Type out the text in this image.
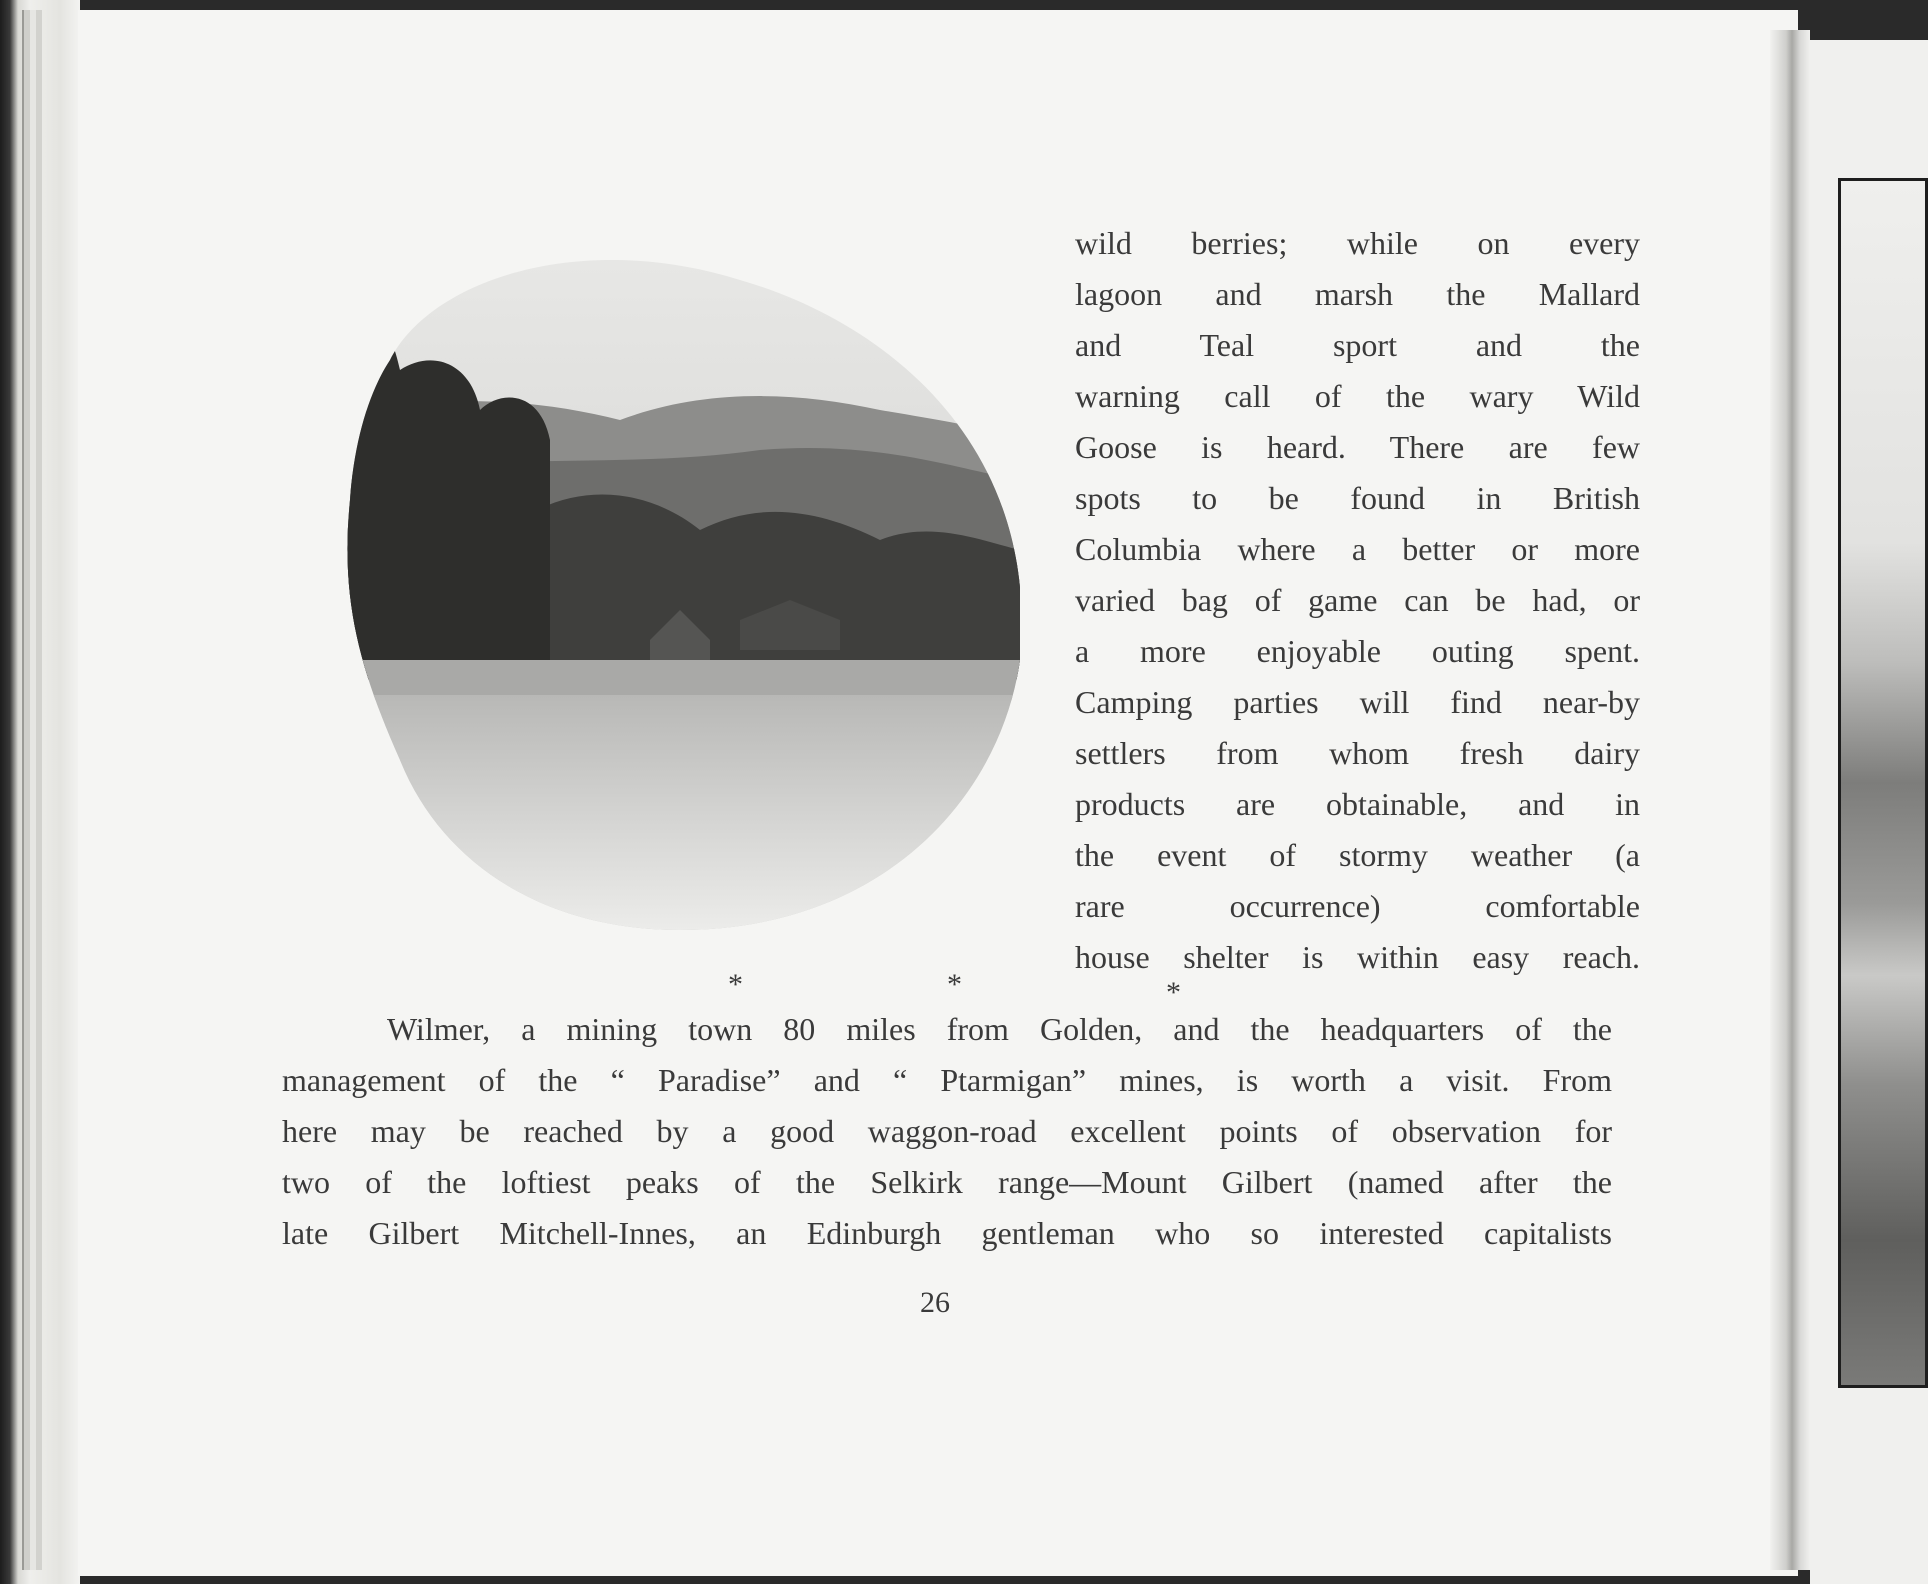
wild berries; while on every
lagoon and marsh the Mallard
and Teal sport and the
warning call of the wary Wild
Goose is heard. There are few
spots to be found in British
Columbia where a better or more
varied bag of game can be had, or
a more enjoyable outing spent.
Camping parties will find near-by
settlers from whom fresh dairy
products are obtainable, and in
the event of stormy weather (a
rare occurrence) comfortable
house shelter is within easy reach.
*	*	*
Wilmer, a mining town 80 miles from Golden, and the headquarters of the
management of the “ Paradise” and “ Ptarmigan” mines, is worth a visit. From
here may be reached by a good waggon-road excellent points of observation for
two of the loftiest peaks of the Selkirk range—Mount Gilbert (named after the
late Gilbert Mitchell-Innes, an Edinburgh gentleman who so interested capitalists
26
